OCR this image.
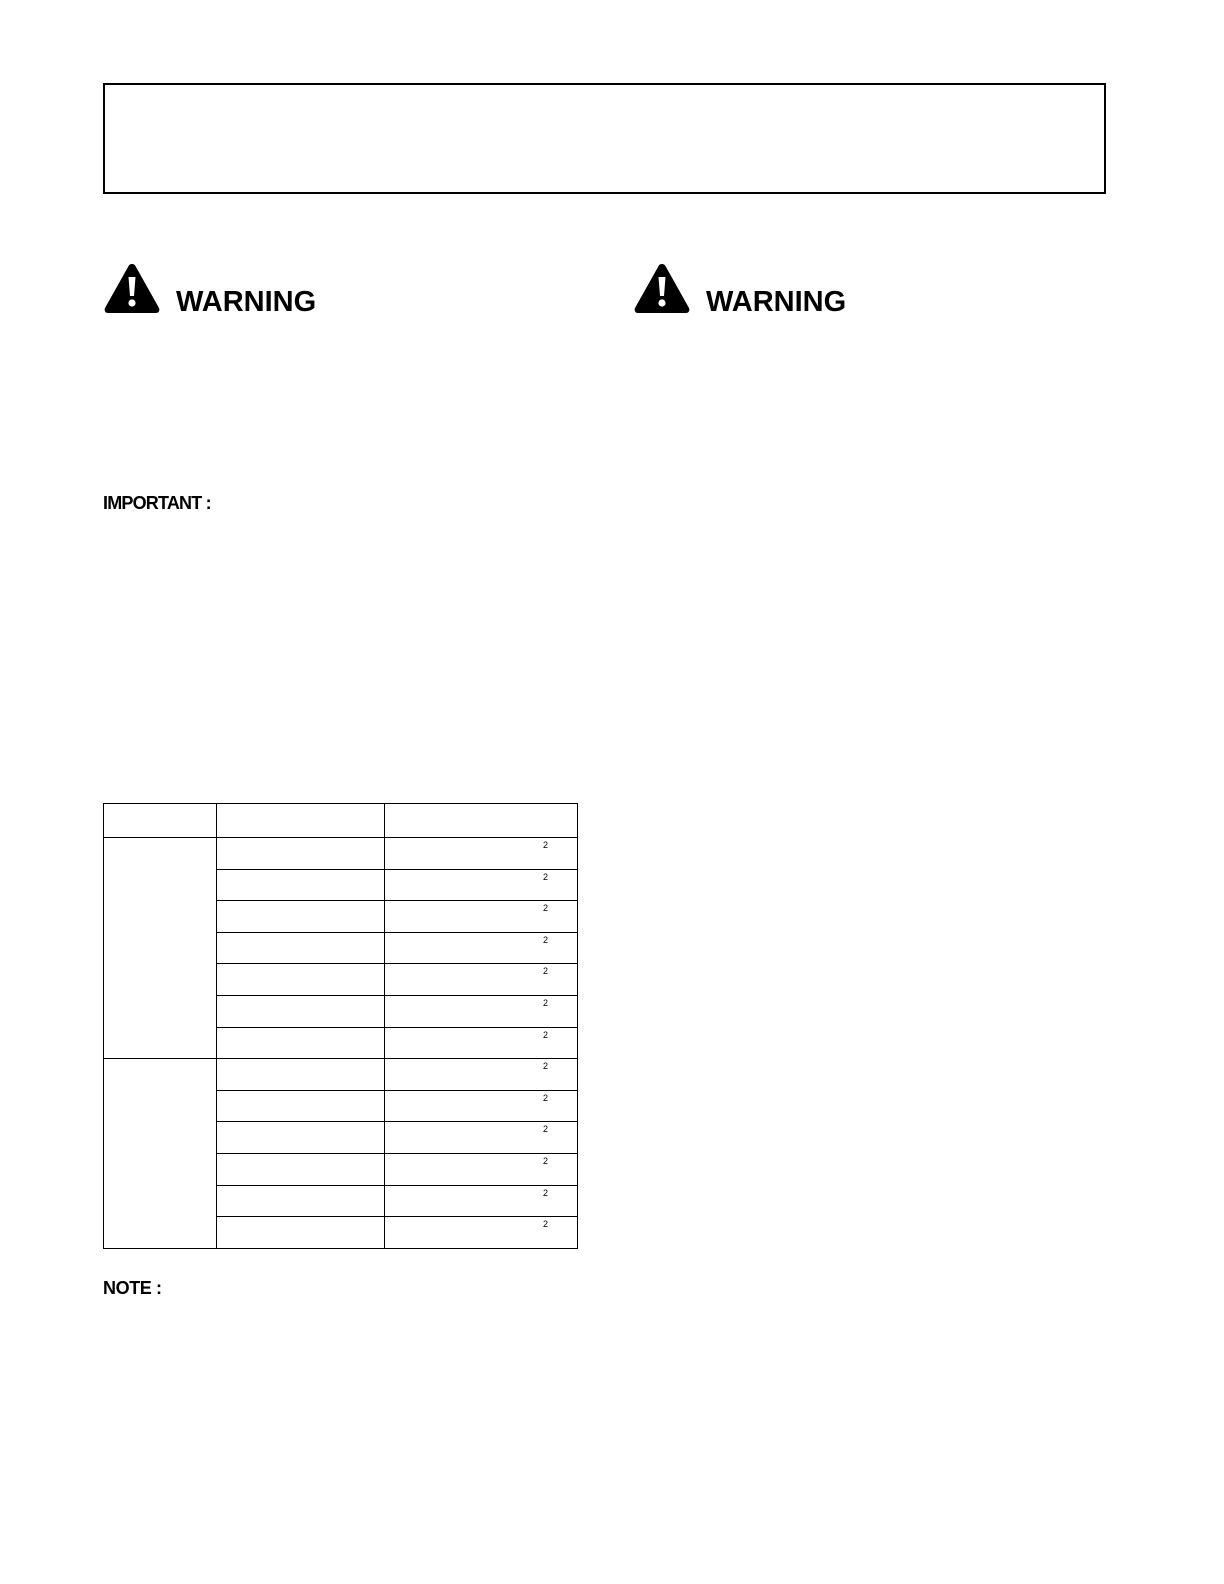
WARNING	WARNING
IMPORTANT :

		2

		2

		2

		2

		2

		2

		2

		2

		2

		2

		2

		2

		2
NOTE :
